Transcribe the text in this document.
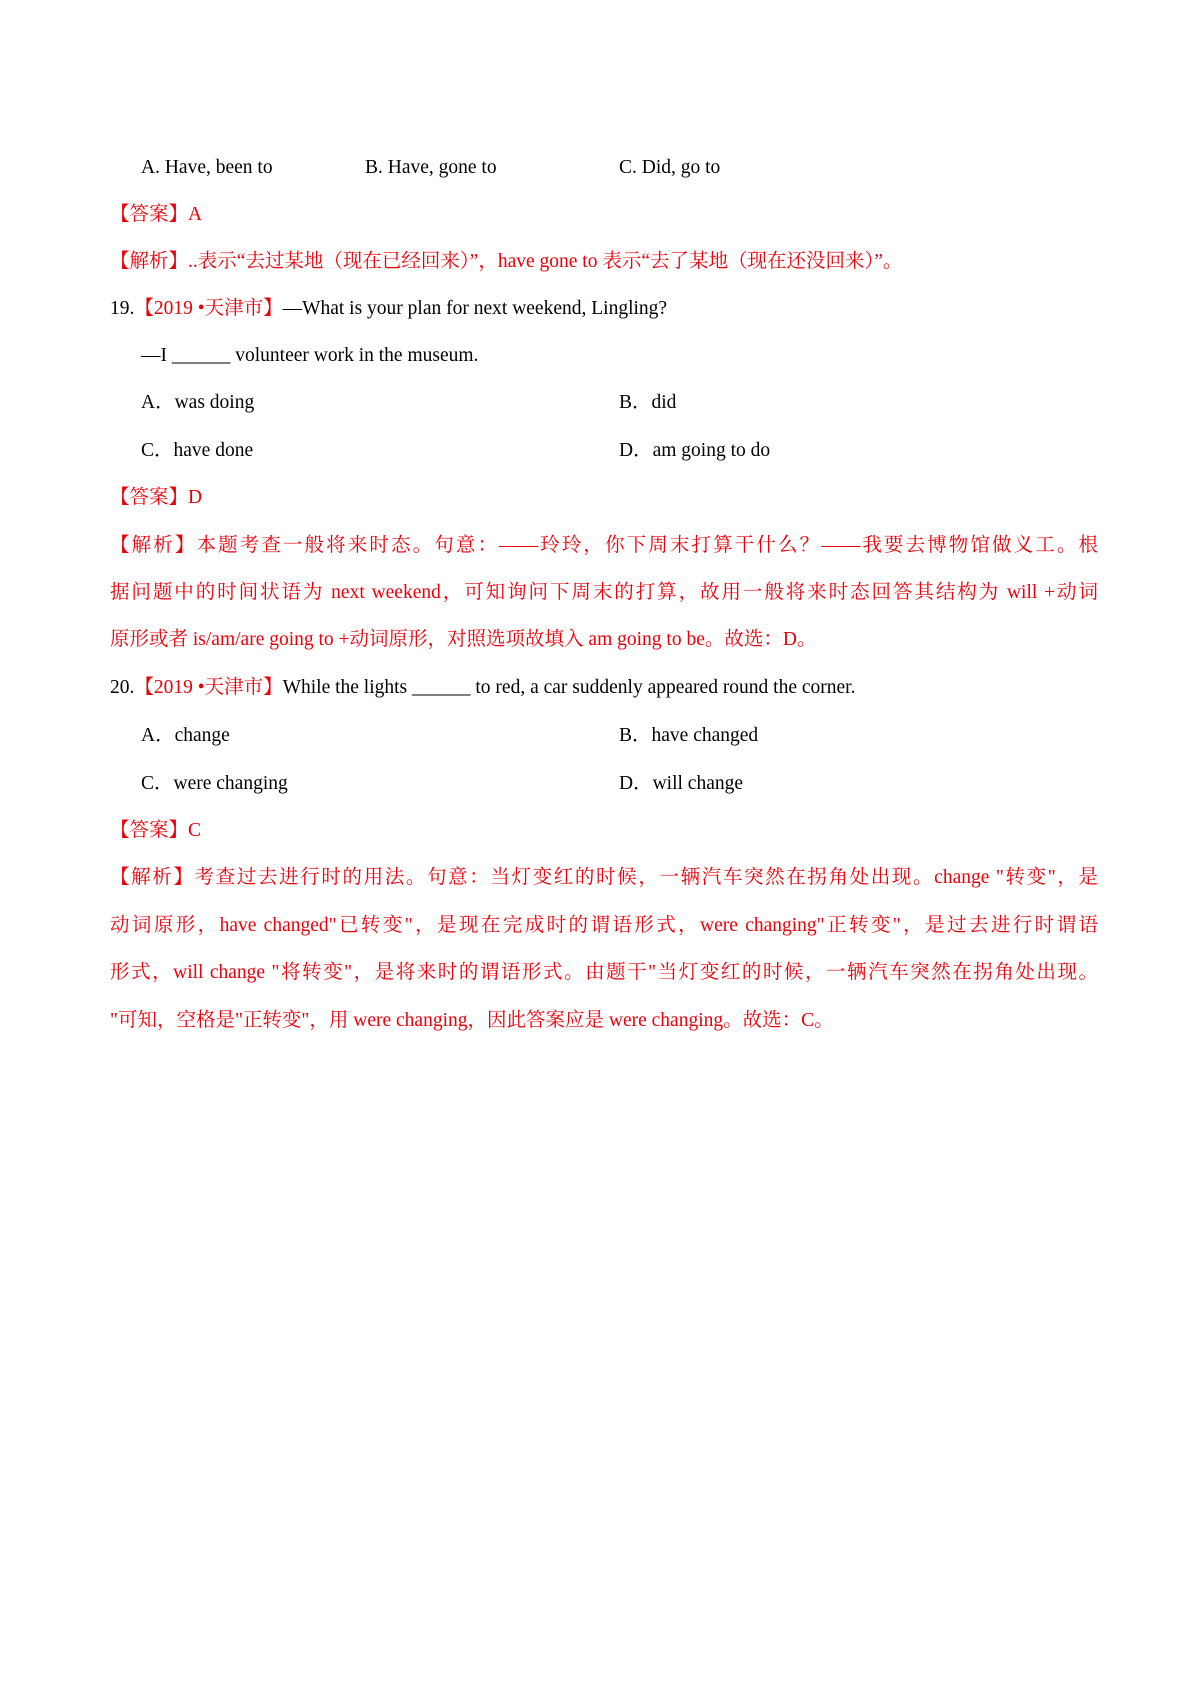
A. Have, been to	B. Have, gone to	C. Did, go to
【答案】A
【解析】..表示“去过某地（现在已经回来）”，have gone to 表示“去了某地（现在还没回来）”。
19.【2019 •天津市】—What is your plan for next weekend, Lingling?
—I ______ volunteer work in the museum.
A．was doing	B．did
C．have done	D．am going to do
【答案】D
【解析】本题考查一般将来时态。句意：——玲玲，你下周末打算干什么？——我要去博物馆做义工。根
据问题中的时间状语为 next weekend，可知询问下周末的打算，故用一般将来时态回答其结构为 will +动词
原形或者 is/am/are going to +动词原形，对照选项故填入 am going to be。故选：D。
20.【2019 •天津市】While the lights ______ to red, a car suddenly appeared round the corner.
A．change	B．have changed
C．were changing	D．will change
【答案】C
【解析】考查过去进行时的用法。句意：当灯变红的时候，一辆汽车突然在拐角处出现。change "转变"，是
动词原形，have changed"已转变"，是现在完成时的谓语形式，were changing"正转变"，是过去进行时谓语
形式，will change "将转变"，是将来时的谓语形式。由题干"当灯变红的时候，一辆汽车突然在拐角处出现。
"可知，空格是"正转变"，用 were changing，因此答案应是 were changing。故选：C。
